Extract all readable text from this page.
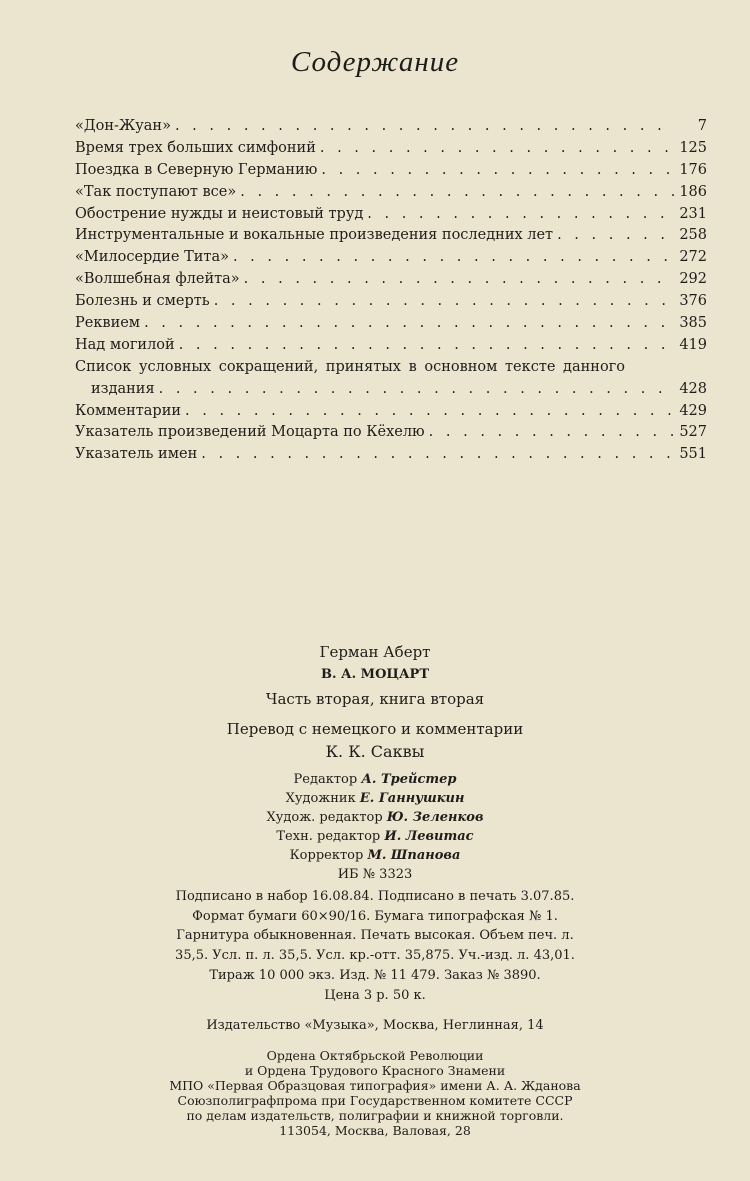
Содержание
«Дон-Жуан» . . .	7
Время трех больших симфоний . . .	125
Поездка в Северную Германию . . .	176
«Так поступают все» . . .	186
Обострение нужды и неистовый труд . . .	231
Инструментальные и вокальные произведения последних лет . . .	258
«Милосердие Тита» . . .	272
«Волшебная флейта» . . .	292
Болезнь и смерть . . .	376
Реквием . . .	385
Над могилой . . .	419
Список условных сокращений, принятых в основном тексте данного
издания . . .	428
Комментарии . . .	429
Указатель произведений Моцарта по Кёхелю . . .	527
Указатель имен . . .	551
Герман Аберт
В. А. МОЦАРТ
Часть вторая, книга вторая
Перевод с немецкого и комментарии
К. К. Саквы
Редактор А. Трейстер
Художник Е. Ганнушкин
Худож. редактор Ю. Зеленков
Техн. редактор И. Левитас
Корректор М. Шпанова
ИБ № 3323
Подписано в набор 16.08.84. Подписано в печать 3.07.85.
Формат бумаги 60×90/16. Бумага типографская № 1.
Гарнитура обыкновенная. Печать высокая. Объем печ. л.
35,5. Усл. п. л. 35,5. Усл. кр.-отт. 35,875. Уч.-изд. л. 43,01.
Тираж 10 000 экз. Изд. № 11 479. Заказ № 3890.
Цена 3 р. 50 к.
Издательство «Музыка», Москва, Неглинная, 14
Ордена Октябрьской Революции
и Ордена Трудового Красного Знамени
МПО «Первая Образцовая типография» имени А. А. Жданова
Союзполиграфпрома при Государственном комитете СССР
по делам издательств, полиграфии и книжной торговли.
113054, Москва, Валовая, 28
